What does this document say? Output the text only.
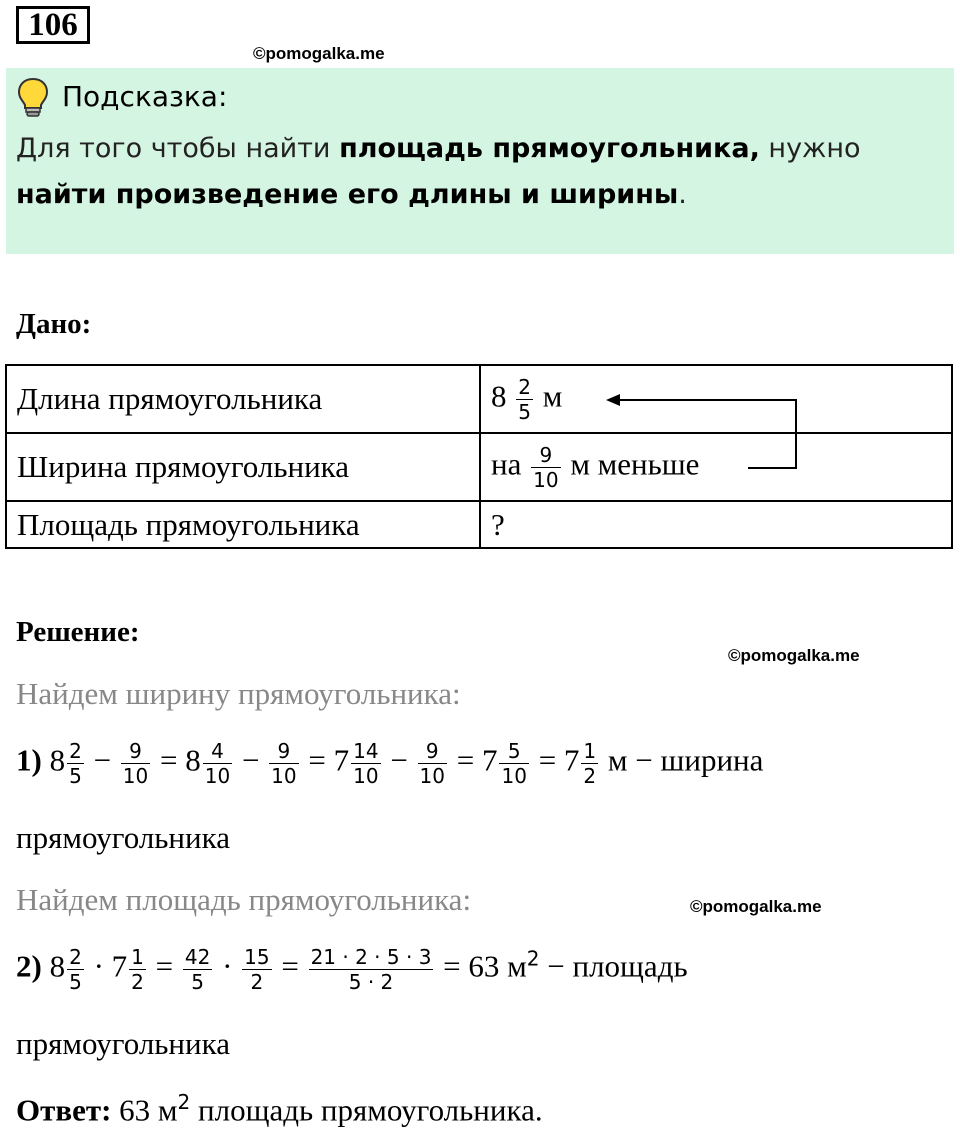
106
©pomogalka.me
Подсказка:
Для того чтобы найти площадь прямоугольника, нужно найти произведение его длины и ширины.
Дано:
Длина прямоугольника	$8 \frac{2}{5}$ м
Ширина прямоугольника	на $\frac{9}{10}$ м меньше
Площадь прямоугольника	?
Решение:
©pomogalka.me
Найдем ширину прямоугольника:
1) $8 \frac{2}{5} - \frac{9}{10} = 8 \frac{4}{10} - \frac{9}{10} = 7 \frac{14}{10} - \frac{9}{10} = 7 \frac{5}{10} = 7 \frac{1}{2}$ м − ширина
прямоугольника
Найдем площадь прямоугольника:	©pomogalka.me
2) $8 \frac{2}{5} \cdot 7 \frac{1}{2} = \frac{42}{5} \cdot \frac{15}{2} = \frac{21 \cdot 2 \cdot 5 \cdot 3}{5 \cdot 2} = 63$ $м^2$ − площадь
прямоугольника
Ответ: 63 $м^2$ площадь прямоугольника.
